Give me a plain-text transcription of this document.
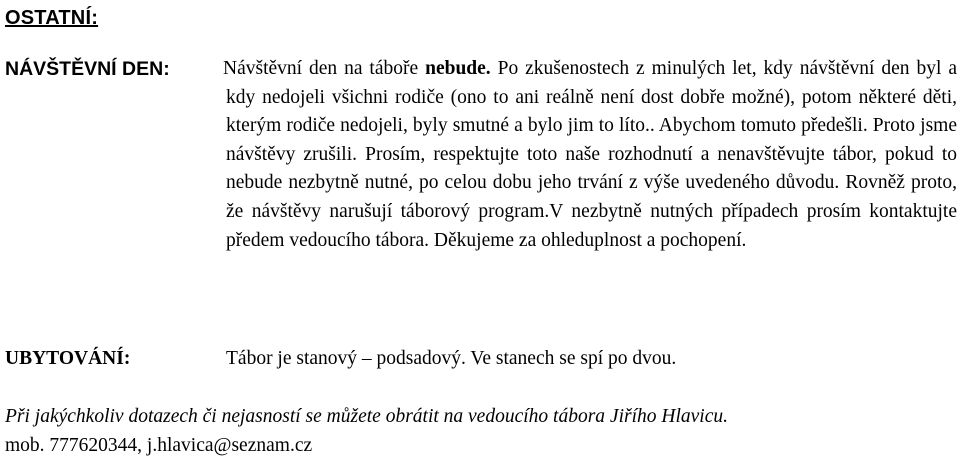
OSTATNÍ:
NÁVŠTĚVNÍ DEN:	Návštěvní den na táboře nebude. Po zkušenostech z minulých let, kdy návštěvní den byl a kdy nedojeli všichni rodiče (ono to ani reálně není dost dobře možné), potom některé děti, kterým rodiče nedojeli, byly smutné a bylo jim to líto.. Abychom tomuto předešli. Proto jsme návštěvy zrušili. Prosím, respektujte toto naše rozhodnutí a nenavštěvujte tábor, pokud to nebude nezbytně nutné, po celou dobu jeho trvání z výše uvedeného důvodu. Rovněž proto, že návštěvy narušují táborový program.V nezbytně nutných případech prosím kontaktujte předem vedoucího tábora. Děkujeme za ohleduplnost a pochopení.
UBYTOVÁNÍ:	Tábor je stanový – podsadový. Ve stanech se spí po dvou.
Při jakýchkoliv dotazech či nejasností se můžete obrátit na vedoucího tábora Jiřího Hlavicu.
mob. 777620344, j.hlavica@seznam.cz
